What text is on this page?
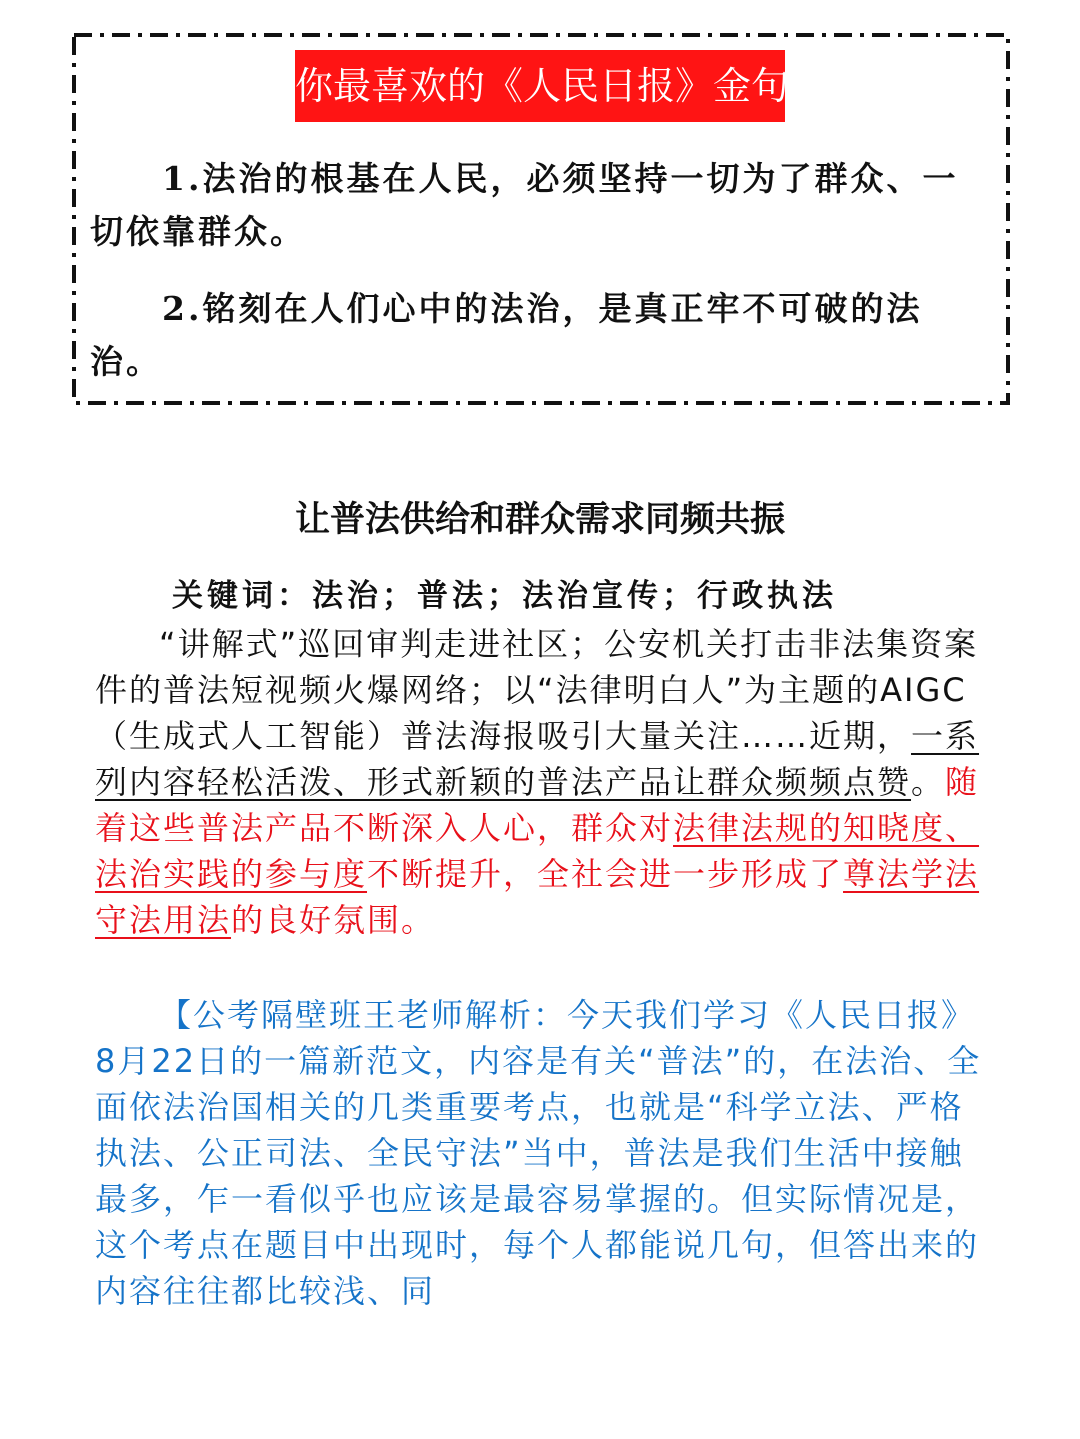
你最喜欢的《人民日报》金句
1.法治的根基在人民，必须坚持一切为了群众、一切依靠群众。
2.铭刻在人们心中的法治，是真正牢不可破的法治。
让普法供给和群众需求同频共振
关键词：法治；普法；法治宣传；行政执法
“讲解式”巡回审判走进社区；公安机关打击非法集资案件的普法短视频火爆网络；以“法律明白人”为主题的AIGC（生成式人工智能）普法海报吸引大量关注……近期，一系列内容轻松活泼、形式新颖的普法产品让群众频频点赞。随着这些普法产品不断深入人心，群众对法律法规的知晓度、法治实践的参与度不断提升，全社会进一步形成了尊法学法守法用法的良好氛围。
【公考隔壁班王老师解析：今天我们学习《人民日报》8月22日的一篇新范文，内容是有关“普法”的，在法治、全面依法治国相关的几类重要考点，也就是“科学立法、严格执法、公正司法、全民守法”当中，普法是我们生活中接触最多，乍一看似乎也应该是最容易掌握的。但实际情况是，这个考点在题目中出现时，每个人都能说几句，但答出来的内容往往都比较浅、同
